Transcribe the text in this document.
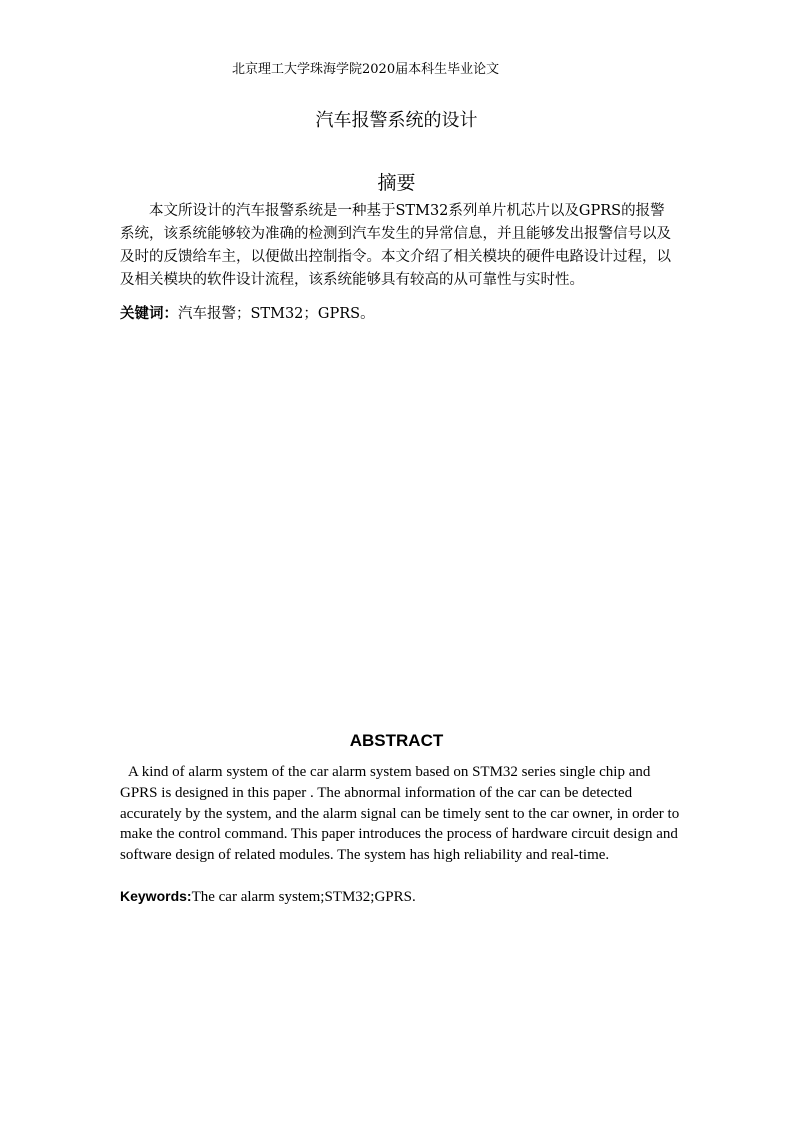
北京理工大学珠海学院2020届本科生毕业论文
汽车报警系统的设计
摘要

本文所设计的汽车报警系统是一种基于STM32系列单片机芯片以及GPRS的报警系统，该系统能够较为准确的检测到汽车发生的异常信息，并且能够发出报警信号以及及时的反馈给车主，以便做出控制指令。本文介绍了相关模块的硬件电路设计过程，以及相关模块的软件设计流程，该系统能够具有较高的从可靠性与实时性。

关键词：汽车报警；STM32；GPRS。
ABSTRACT

A kind of alarm system of the car alarm system based on STM32 series single chip and GPRS is designed in this paper . The abnormal information of the car can be detected accurately by the system, and the alarm signal can be timely sent to the car owner, in order to make the control command. This paper introduces the process of hardware circuit design and software design of related modules. The system has high reliability and real-time.

Keywords:The car alarm system;STM32;GPRS.
